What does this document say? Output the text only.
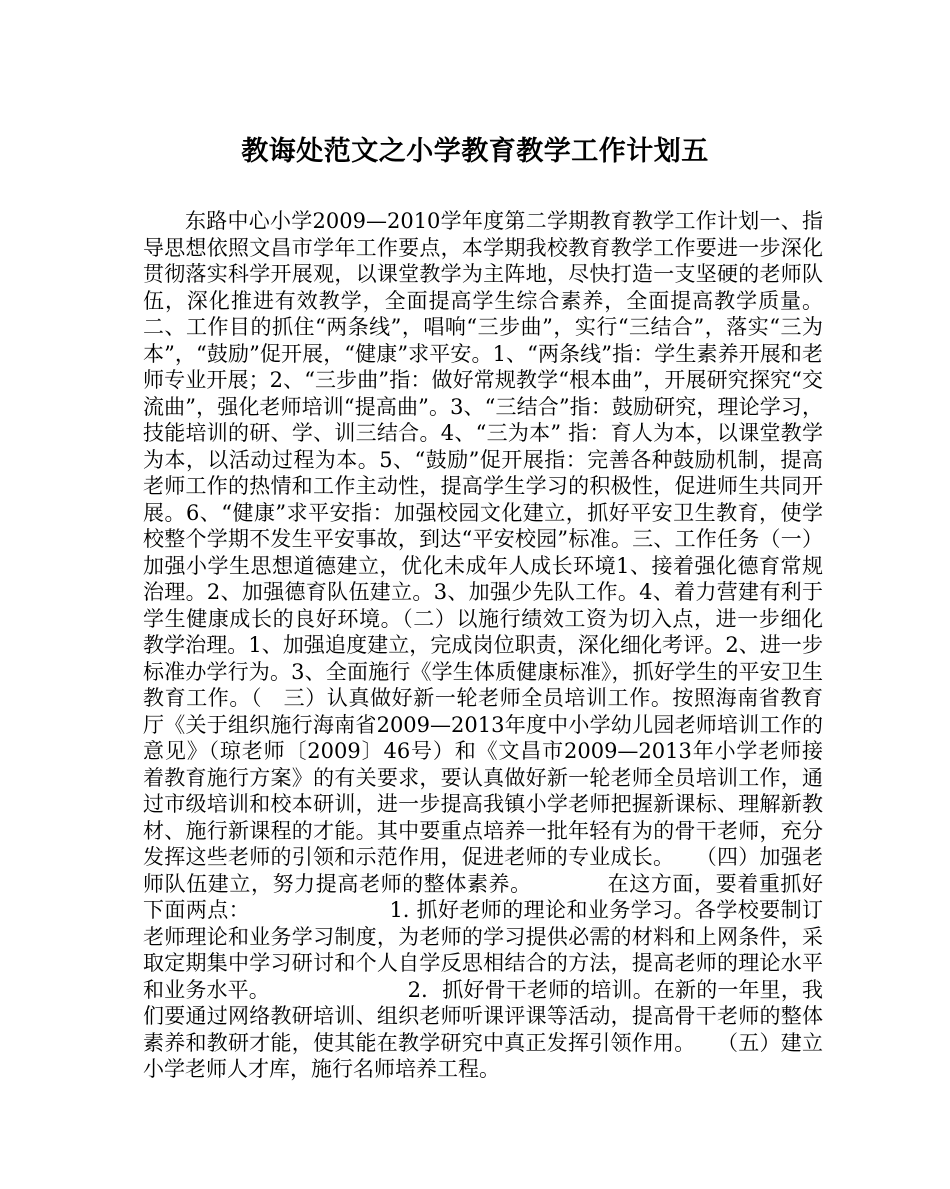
教诲处范文之小学教育教学工作计划五

东路中心小学2009—2010学年度第二学期教育教学工作计划一、指导思想依照文昌市学年工作要点，本学期我校教育教学工作要进一步深化贯彻落实科学开展观，以课堂教学为主阵地，尽快打造一支坚硬的老师队伍，深化推进有效教学，全面提高学生综合素养，全面提高教学质量。二、工作目的抓住“两条线”，唱响“三步曲”，实行“三结合”，落实“三为本”，“鼓励”促开展，“健康”求平安。1、“两条线”指：学生素养开展和老师专业开展；2、“三步曲”指：做好常规教学“根本曲”，开展研究探究“交流曲”，强化老师培训“提高曲”。3、“三结合”指：鼓励研究，理论学习，技能培训的研、学、训三结合。4、“三为本” 指：育人为本，以课堂教学为本，以活动过程为本。5、“鼓励”促开展指：完善各种鼓励机制，提高老师工作的热情和工作主动性，提高学生学习的积极性，促进师生共同开展。6、“健康”求平安指：加强校园文化建立，抓好平安卫生教育，使学校整个学期不发生平安事故，到达“平安校园”标准。三、工作任务（一）加强小学生思想道德建立，优化未成年人成长环境1、接着强化德育常规治理。2、加强德育队伍建立。3、加强少先队工作。4、着力营建有利于学生健康成长的良好环境。（二）以施行绩效工资为切入点，进一步细化教学治理。1、加强追度建立，完成岗位职责，深化细化考评。2、进一步标准办学行为。3、全面施行《学生体质健康标准》，抓好学生的平安卫生教育工作。（　三）认真做好新一轮老师全员培训工作。按照海南省教育厅《关于组织施行海南省2009—2013年度中小学幼儿园老师培训工作的意见》（琼老师〔2009〕46号）和《文昌市2009—2013年小学老师接着教育施行方案》的有关要求，要认真做好新一轮老师全员培训工作，通过市级培训和校本研训，进一步提高我镇小学老师把握新课标、理解新教材、施行新课程的才能。其中要重点培养一批年轻有为的骨干老师，充分发挥这些老师的引领和示范作用，促进老师的专业成长。　　（四）加强老师队伍建立，努力提高老师的整体素养。　　　　在这方面，要着重抓好下面两点：　　　　　　　1. 抓好老师的理论和业务学习。各学校要制订老师理论和业务学习制度，为老师的学习提供必需的材料和上网条件，采取定期集中学习研讨和个人自学反思相结合的方法，提高老师的理论水平和业务水平。　　　　　　　2．抓好骨干老师的培训。在新的一年里，我们要通过网络教研培训、组织老师听课评课等活动，提高骨干老师的整体素养和教研才能，使其能在教学研究中真正发挥引领作用。　　（五）建立小学老师人才库，施行名师培养工程。
